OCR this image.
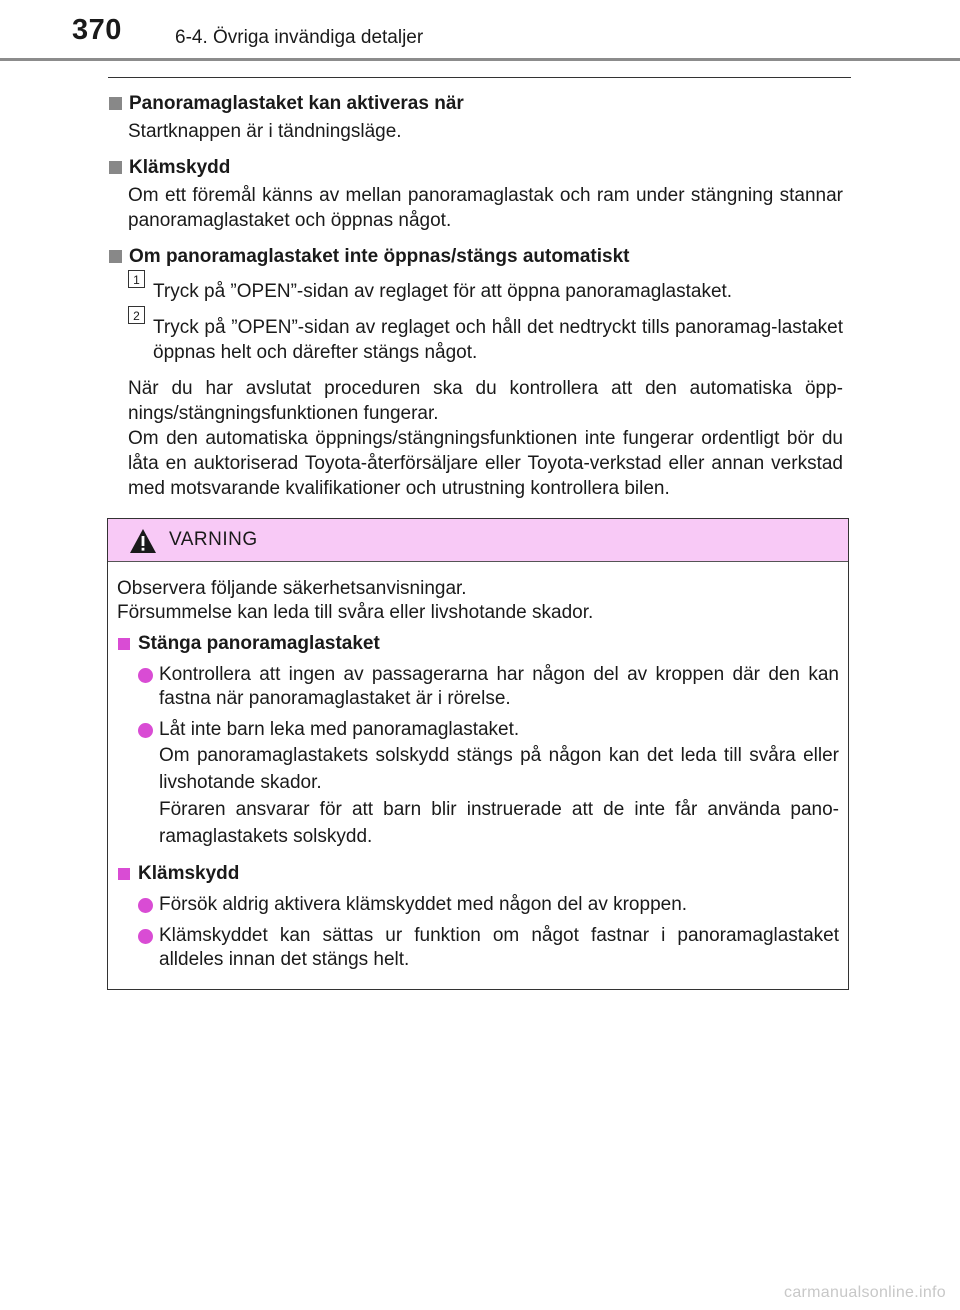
370	6-4. Övriga invändiga detaljer
Panoramaglastaket kan aktiveras när
Startknappen är i tändningsläge.
Klämskydd
Om ett föremål känns av mellan panoramaglastak och ram under stängning stannar panoramaglastaket och öppnas något.
Om panoramaglastaket inte öppnas/stängs automatiskt
1
Tryck på ”OPEN”-sidan av reglaget för att öppna panoramaglastaket.
2
Tryck på ”OPEN”-sidan av reglaget och håll det nedtryckt tills panoramag-lastaket öppnas helt och därefter stängs något.
När du har avslutat proceduren ska du kontrollera att den automatiska öpp-nings/stängningsfunktionen fungerar.
Om den automatiska öppnings/stängningsfunktionen inte fungerar ordentligt bör du låta en auktoriserad Toyota-återförsäljare eller Toyota-verkstad eller annan verkstad med motsvarande kvalifikationer och utrustning kontrollera bilen.
VARNING
Observera följande säkerhetsanvisningar.
Försummelse kan leda till svåra eller livshotande skador.
Stänga panoramaglastaket

Kontrollera att ingen av passagerarna har någon del av kroppen där den kan fastna när panoramaglastaket är i rörelse.

Låt inte barn leka med panoramaglastaket.

Om panoramaglastakets solskydd stängs på någon kan det leda till svåra eller livshotande skador.

Föraren ansvarar för att barn blir instruerade att de inte får använda pano-ramaglastakets solskydd.

Klämskydd

Försök aldrig aktivera klämskyddet med någon del av kroppen.

Klämskyddet kan sättas ur funktion om något fastnar i panoramaglastaket alldeles innan det stängs helt.

carmanualsonline.info
